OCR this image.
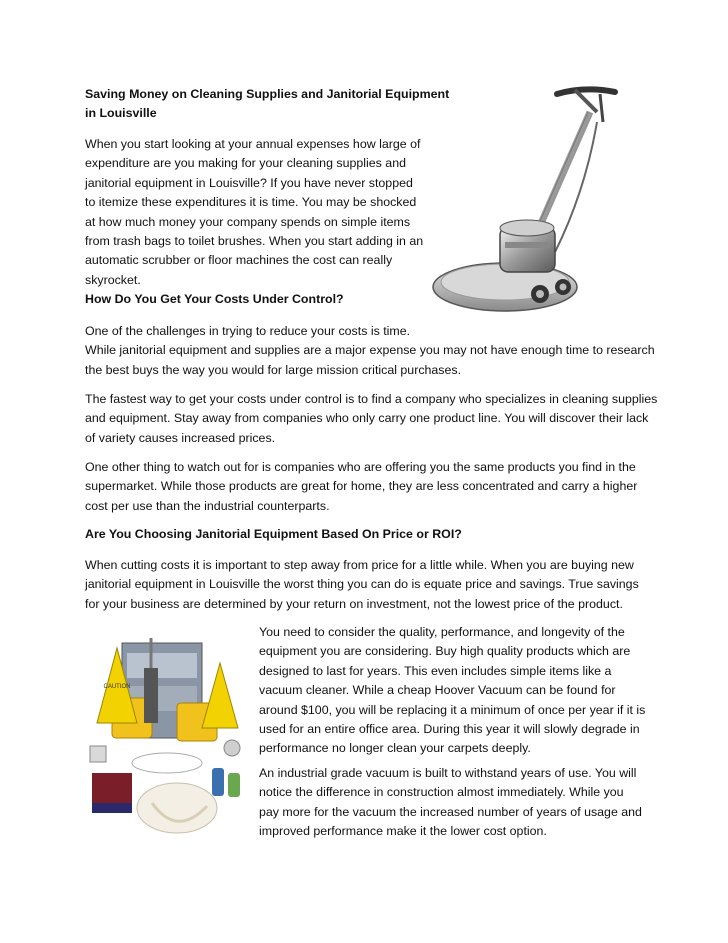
Saving Money on Cleaning Supplies and Janitorial Equipment
in Louisville
When you start looking at your annual expenses how large of
expenditure are you making for your cleaning supplies and
janitorial equipment in Louisville? If you have never stopped
to itemize these expenditures it is time. You may be shocked
at how much money your company spends on simple items
from trash bags to toilet brushes. When you start adding in an
automatic scrubber or floor machines the cost can really
skyrocket.
How Do You Get Your Costs Under Control?
One of the challenges in trying to reduce your costs is time.
While janitorial equipment and supplies are a major expense you may not have enough time to research
the best buys the way you would for large mission critical purchases.
The fastest way to get your costs under control is to find a company who specializes in cleaning supplies
and equipment. Stay away from companies who only carry one product line. You will discover their lack
of variety causes increased prices.
One other thing to watch out for is companies who are offering you the same products you find in the
supermarket. While those products are great for home, they are less concentrated and carry a higher
cost per use than the industrial counterparts.
Are You Choosing Janitorial Equipment Based On Price or ROI?
When cutting costs it is important to step away from price for a little while. When you are buying new
janitorial equipment in Louisville the worst thing you can do is equate price and savings. True savings
for your business are determined by your return on investment, not the lowest price of the product.
You need to consider the quality, performance, and longevity of the
equipment you are considering. Buy high quality products which are
designed to last for years. This even includes simple items like a
vacuum cleaner. While a cheap Hoover Vacuum can be found for
around $100, you will be replacing it a minimum of once per year if it is
used for an entire office area. During this year it will slowly degrade in
performance no longer clean your carpets deeply.
An industrial grade vacuum is built to withstand years of use. You will
notice the difference in construction almost immediately. While you
pay more for the vacuum the increased number of years of usage and
improved performance make it the lower cost option.
CAUTION
